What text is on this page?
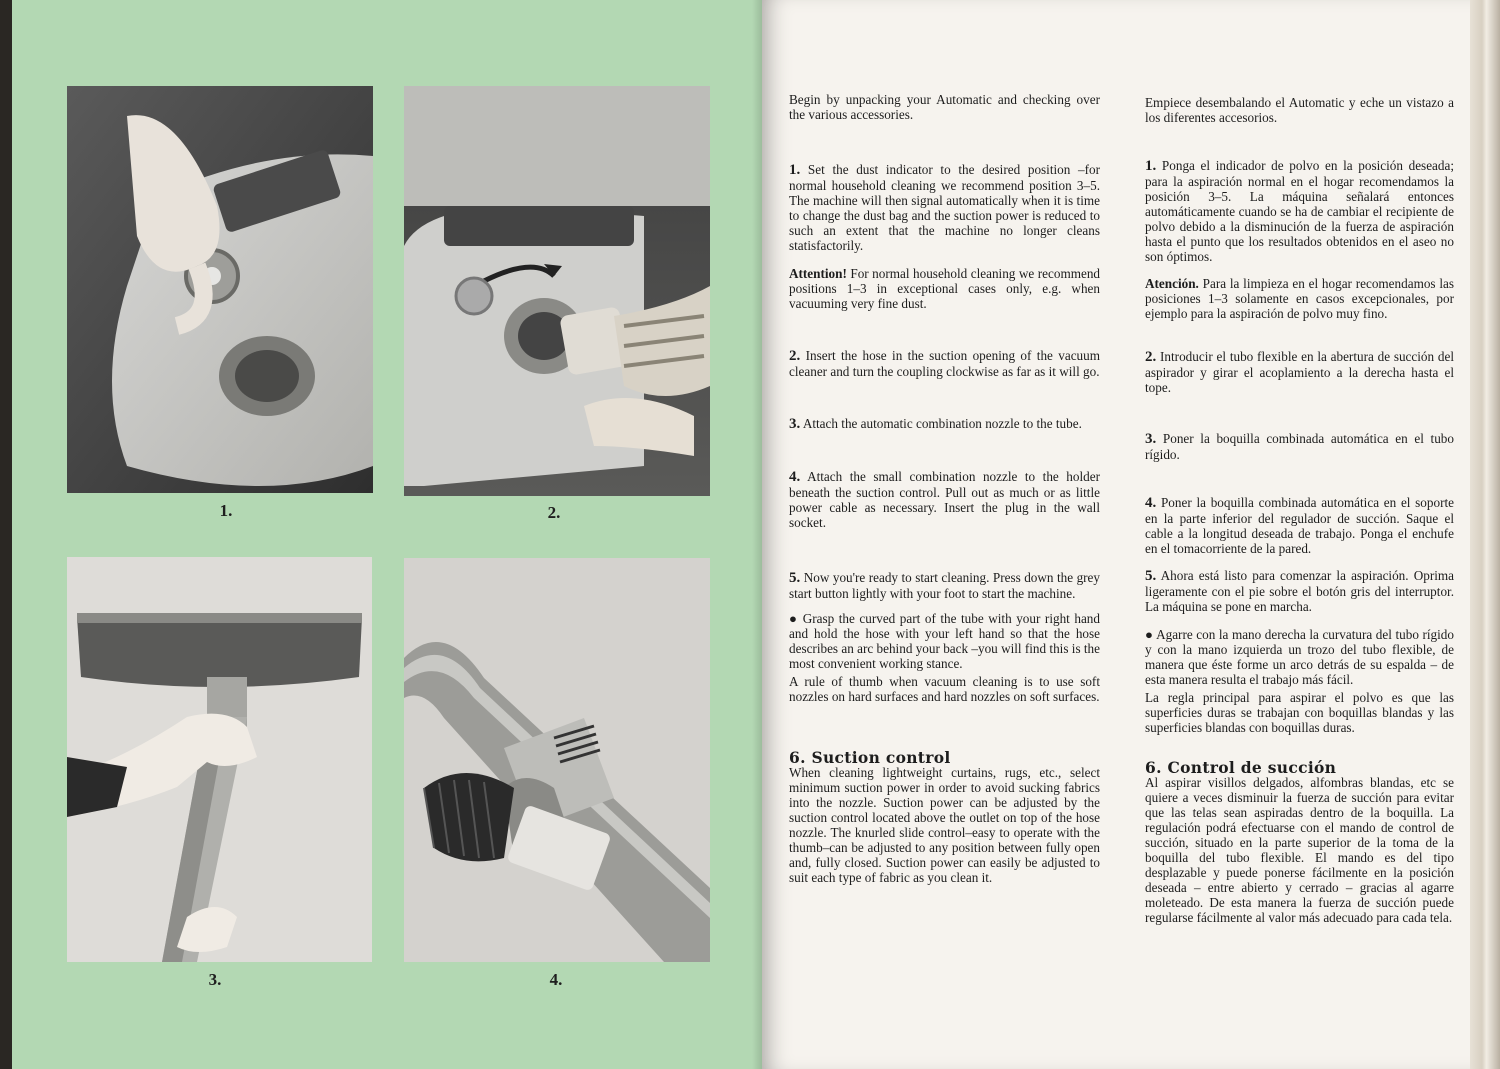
1.	2.
3.	4.

Begin by unpacking your Automatic and checking over the various accessories.

1. Set the dust indicator to the desired position –for normal household cleaning we recommend position 3–5. The machine will then signal automatically when it is time to change the dust bag and the suction power is reduced to such an extent that the machine no longer cleans statisfactorily.

Attention! For normal household cleaning we recommend positions 1–3 in exceptional cases only, e.g. when vacuuming very fine dust.

2. Insert the hose in the suction opening of the vacuum cleaner and turn the coupling clockwise as far as it will go.

3. Attach the automatic combination nozzle to the tube.

4. Attach the small combination nozzle to the holder beneath the suction control. Pull out as much or as little power cable as necessary. Insert the plug in the wall socket.

5. Now you're ready to start cleaning. Press down the grey start button lightly with your foot to start the machine.

● Grasp the curved part of the tube with your right hand and hold the hose with your left hand so that the hose describes an arc behind your back –you will find this is the most convenient working stance.

A rule of thumb when vacuum cleaning is to use soft nozzles on hard surfaces and hard nozzles on soft surfaces.

6. Suction control

When cleaning lightweight curtains, rugs, etc., select minimum suction power in order to avoid sucking fabrics into the nozzle. Suction power can be adjusted by the suction control located above the outlet on top of the hose nozzle. The knurled slide control–easy to operate with the thumb–can be adjusted to any position between fully open and, fully closed. Suction power can easily be adjusted to suit each type of fabric as you clean it.

Empiece desembalando el Automatic y eche un vistazo a los diferentes accesorios.

1. Ponga el indicador de polvo en la posición deseada; para la aspiración normal en el hogar recomendamos la posición 3–5. La máquina señalará entonces automáticamente cuando se ha de cambiar el recipiente de polvo debido a la disminución de la fuerza de aspiración hasta el punto que los resultados obtenidos en el aseo no son óptimos.

Atención. Para la limpieza en el hogar recomendamos las posiciones 1–3 solamente en casos excepcionales, por ejemplo para la aspiración de polvo muy fino.

2. Introducir el tubo flexible en la abertura de succión del aspirador y girar el acoplamiento a la derecha hasta el tope.

3. Poner la boquilla combinada automática en el tubo rígido.

4. Poner la boquilla combinada automática en el soporte en la parte inferior del regulador de succión. Saque el cable a la longitud deseada de trabajo. Ponga el enchufe en el tomacorriente de la pared.

5. Ahora está listo para comenzar la aspiración. Oprima ligeramente con el pie sobre el botón gris del interruptor. La máquina se pone en marcha.

● Agarre con la mano derecha la curvatura del tubo rígido y con la mano izquierda un trozo del tubo flexible, de manera que éste forme un arco detrás de su espalda – de esta manera resulta el trabajo más fácil.

La regla principal para aspirar el polvo es que las superficies duras se trabajan con boquillas blandas y las superficies blandas con boquillas duras.

6. Control de succión

Al aspirar visillos delgados, alfombras blandas, etc se quiere a veces disminuir la fuerza de succión para evitar que las telas sean aspiradas dentro de la boquilla. La regulación podrá efectuarse con el mando de control de succión, situado en la parte superior de la toma de la boquilla del tubo flexible. El mando es del tipo desplazable y puede ponerse fácilmente en la posición deseada – entre abierto y cerrado – gracias al agarre moleteado. De esta manera la fuerza de succión puede regularse fácilmente al valor más adecuado para cada tela.
